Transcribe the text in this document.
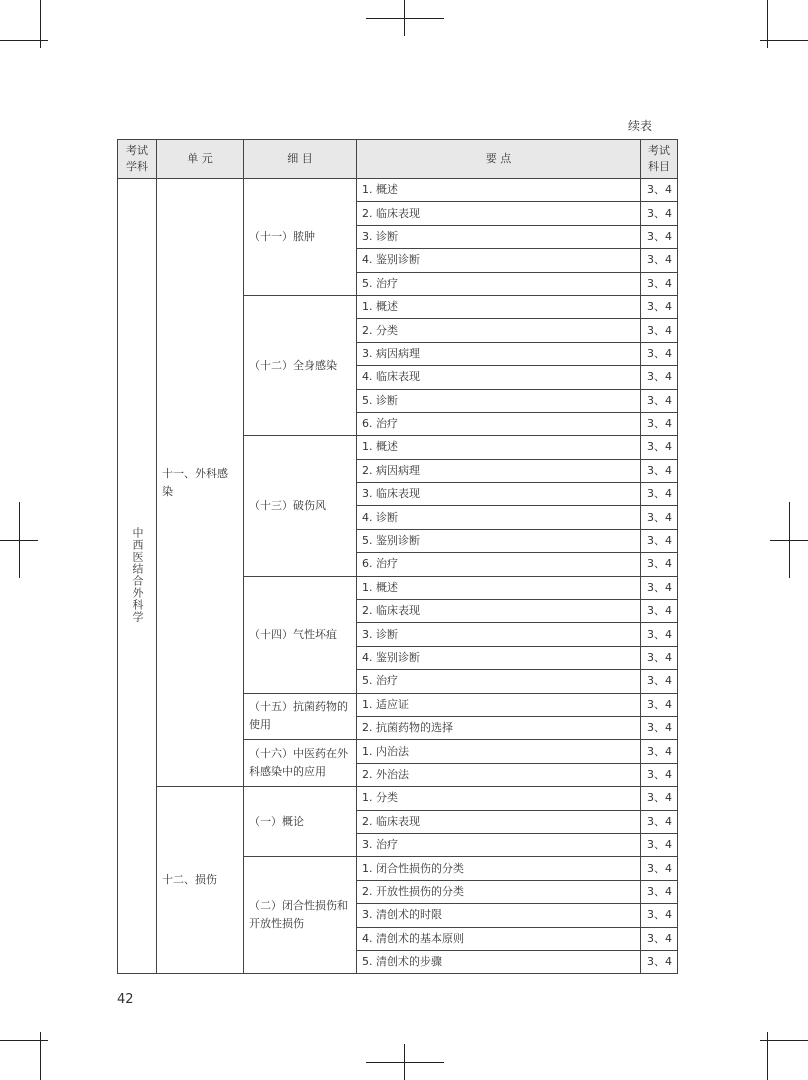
续表
考试学科	单 元	细 目	要 点	考试科目
中西医结合外科学	十一、外科感染	（十一）脓肿	1. 概述	3、4
			2. 临床表现	3、4
			3. 诊断	3、4
			4. 鉴别诊断	3、4
			5. 治疗	3、4
		（十二）全身感染	1. 概述	3、4
			2. 分类	3、4
			3. 病因病理	3、4
			4. 临床表现	3、4
			5. 诊断	3、4
			6. 治疗	3、4
		（十三）破伤风	1. 概述	3、4
			2. 病因病理	3、4
			3. 临床表现	3、4
			4. 诊断	3、4
			5. 鉴别诊断	3、4
			6. 治疗	3、4
		（十四）气性坏疽	1. 概述	3、4
			2. 临床表现	3、4
			3. 诊断	3、4
			4. 鉴别诊断	3、4
			5. 治疗	3、4
		（十五）抗菌药物的使用	1. 适应证	3、4
			2. 抗菌药物的选择	3、4
		（十六）中医药在外科感染中的应用	1. 内治法	3、4
			2. 外治法	3、4
	十二、损伤	（一）概论	1. 分类	3、4
			2. 临床表现	3、4
			3. 治疗	3、4
		（二）闭合性损伤和开放性损伤	1. 闭合性损伤的分类	3、4
			2. 开放性损伤的分类	3、4
			3. 清创术的时限	3、4
			4. 清创术的基本原则	3、4
			5. 清创术的步骤	3、4
42
